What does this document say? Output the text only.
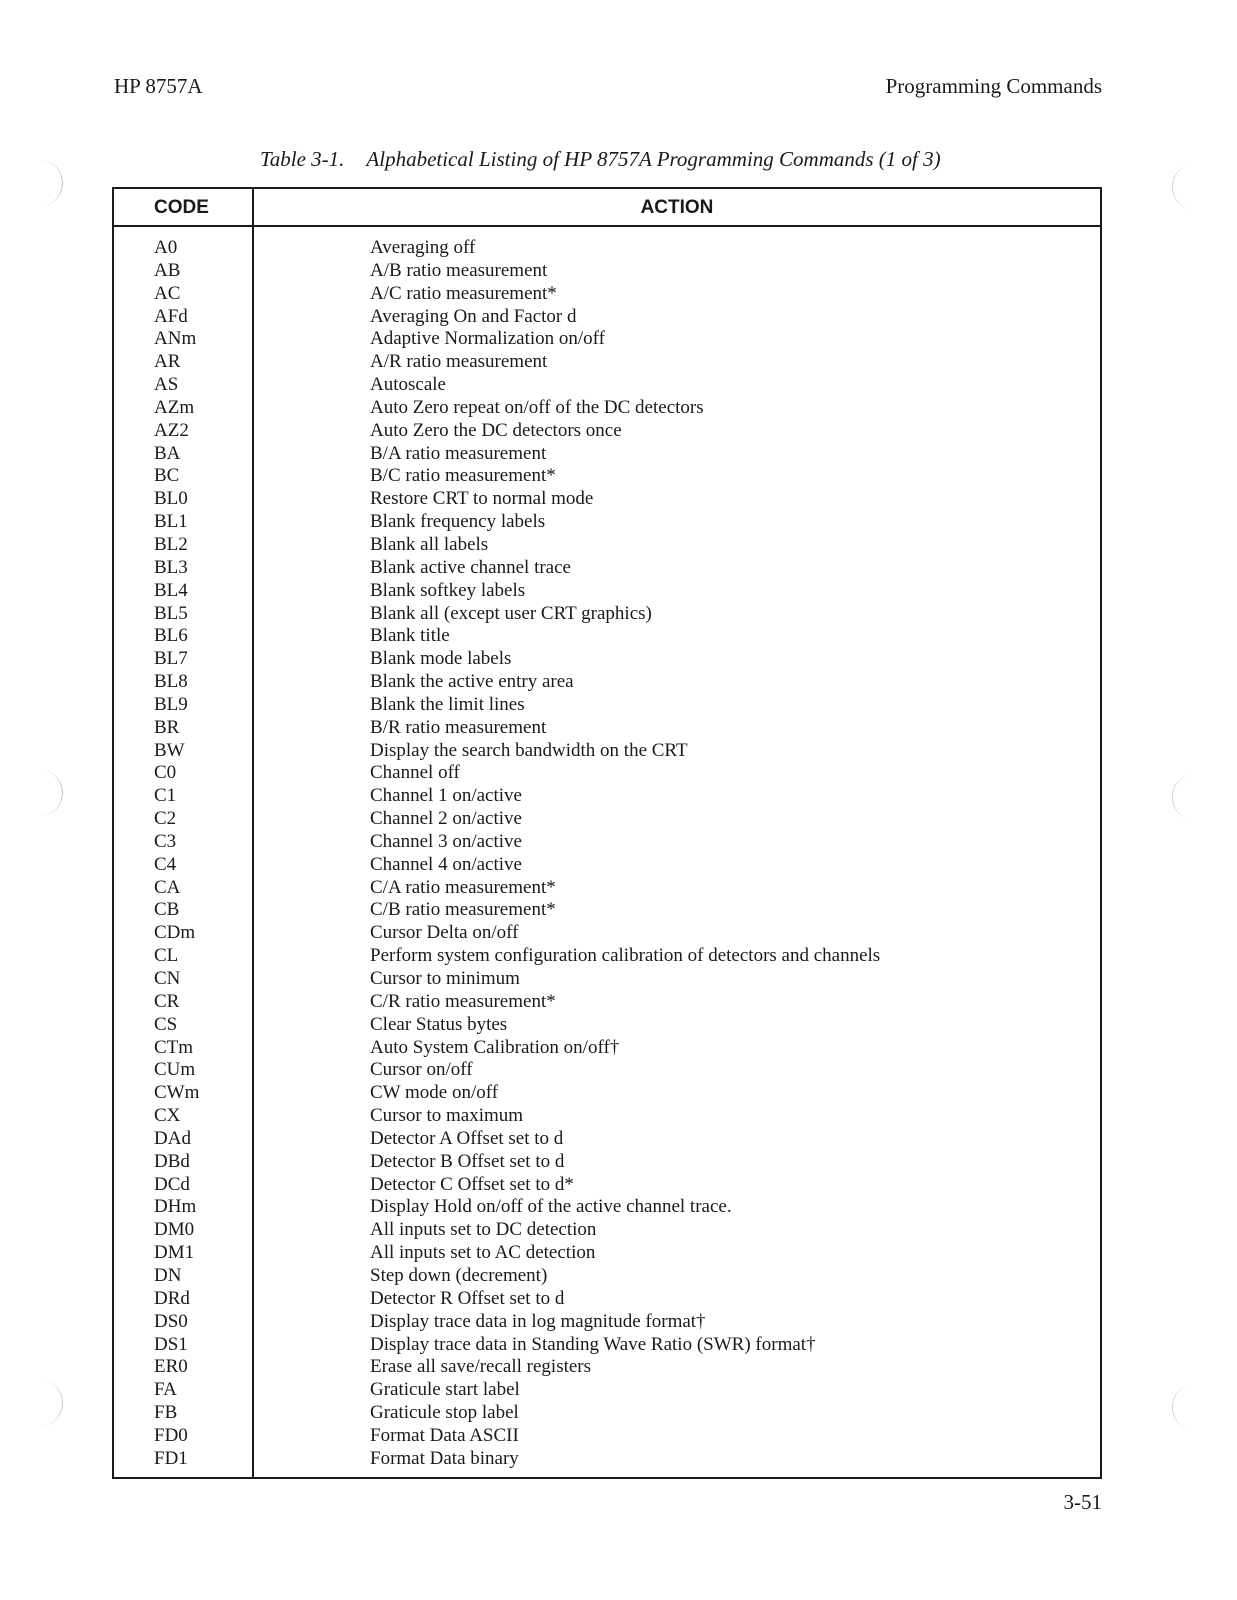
HP 8757A	Programming Commands
Table 3-1. Alphabetical Listing of HP 8757A Programming Commands (1 of 3)
CODE	ACTION
A0	Averaging off
AB	A/B ratio measurement
AC	A/C ratio measurement*
AFd	Averaging On and Factor d
ANm	Adaptive Normalization on/off
AR	A/R ratio measurement
AS	Autoscale
AZm	Auto Zero repeat on/off of the DC detectors
AZ2	Auto Zero the DC detectors once
BA	B/A ratio measurement
BC	B/C ratio measurement*
BL0	Restore CRT to normal mode
BL1	Blank frequency labels
BL2	Blank all labels
BL3	Blank active channel trace
BL4	Blank softkey labels
BL5	Blank all (except user CRT graphics)
BL6	Blank title
BL7	Blank mode labels
BL8	Blank the active entry area
BL9	Blank the limit lines
BR	B/R ratio measurement
BW	Display the search bandwidth on the CRT
C0	Channel off
C1	Channel 1 on/active
C2	Channel 2 on/active
C3	Channel 3 on/active
C4	Channel 4 on/active
CA	C/A ratio measurement*
CB	C/B ratio measurement*
CDm	Cursor Delta on/off
CL	Perform system configuration calibration of detectors and channels
CN	Cursor to minimum
CR	C/R ratio measurement*
CS	Clear Status bytes
CTm	Auto System Calibration on/off†
CUm	Cursor on/off
CWm	CW mode on/off
CX	Cursor to maximum
DAd	Detector A Offset set to d
DBd	Detector B Offset set to d
DCd	Detector C Offset set to d*
DHm	Display Hold on/off of the active channel trace.
DM0	All inputs set to DC detection
DM1	All inputs set to AC detection
DN	Step down (decrement)
DRd	Detector R Offset set to d
DS0	Display trace data in log magnitude format†
DS1	Display trace data in Standing Wave Ratio (SWR) format†
ER0	Erase all save/recall registers
FA	Graticule start label
FB	Graticule stop label
FD0	Format Data ASCII
FD1	Format Data binary
3-51
